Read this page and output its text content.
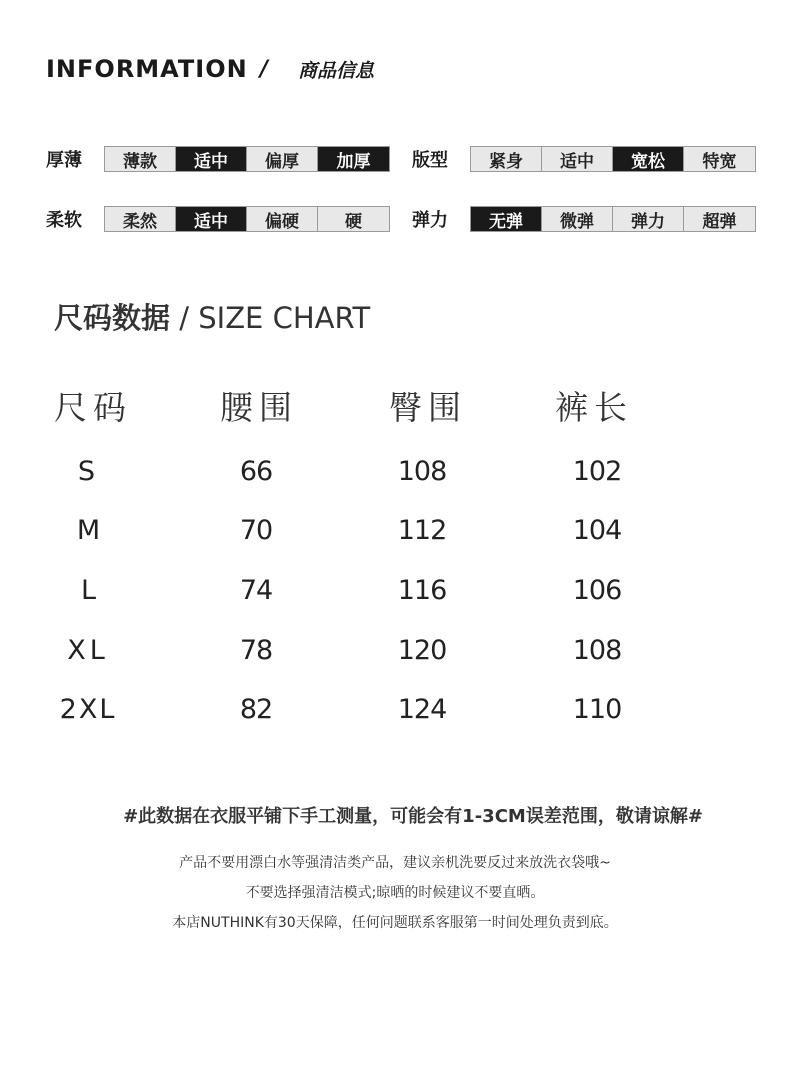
INFORMATION / 商品信息
厚薄	薄款	适中	偏厚	加厚	版型	紧身	适中	宽松	特宽
柔软	柔然	适中	偏硬	硬	弹力	无弹	微弹	弹力	超弹
尺码数据 / SIZE CHART
尺码	腰围	臀围	裤长
S	66	108	102
M	70	112	104
L	74	116	106
XL	78	120	108
2XL	82	124	110
#此数据在衣服平铺下手工测量，可能会有1-3CM误差范围，敬请谅解#
产品不要用漂白水等强清洁类产品，建议亲机洗要反过来放洗衣袋哦~
不要选择强清洁模式;晾晒的时候建议不要直晒。
本店NUTHINK有30天保障，任何问题联系客服第一时间处理负责到底。
